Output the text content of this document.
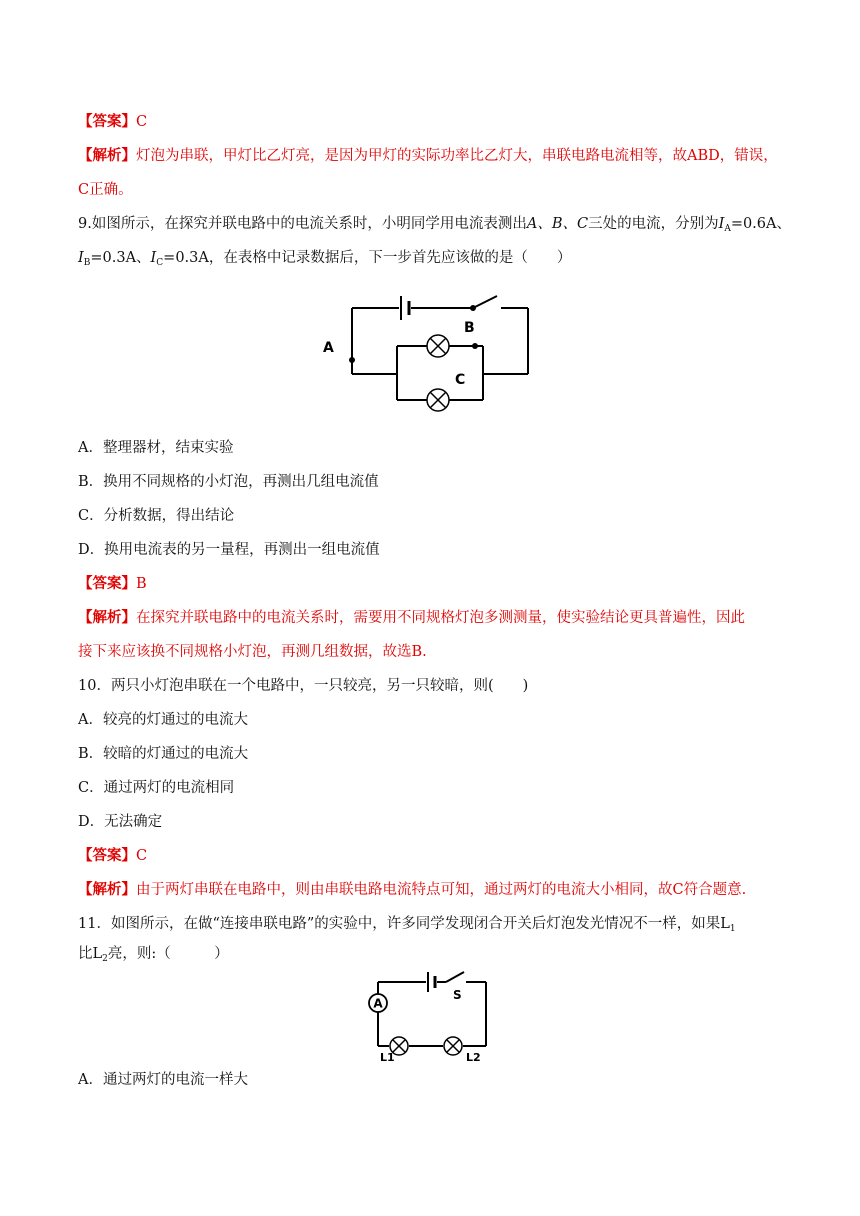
【答案】C
【解析】灯泡为串联，甲灯比乙灯亮，是因为甲灯的实际功率比乙灯大，串联电路电流相等，故ABD，错误，
C正确。
9.如图所示，在探究并联电路中的电流关系时，小明同学用电流表测出A、B、C三处的电流，分别为$I_A=0.6A$、
$I_B=0.3A$、$I_C=0.3A$，在表格中记录数据后，下一步首先应该做的是（　　）
A
B
C
A．整理器材，结束实验
B．换用不同规格的小灯泡，再测出几组电流值
C．分析数据，得出结论
D．换用电流表的另一量程，再测出一组电流值
【答案】B
【解析】在探究并联电路中的电流关系时，需要用不同规格灯泡多测测量，使实验结论更具普遍性，因此
接下来应该换不同规格小灯泡，再测几组数据，故选B.
10．两只小灯泡串联在一个电路中，一只较亮，另一只较暗，则(　　)
A．较亮的灯通过的电流大
B．较暗的灯通过的电流大
C．通过两灯的电流相同
D．无法确定
【答案】C
【解析】由于两灯串联在电路中，则由串联电路电流特点可知，通过两灯的电流大小相同，故C符合题意.
11．如图所示，在做“连接串联电路”的实验中，许多同学发现闭合开关后灯泡发光情况不一样，如果$L_1$
比$L_2$亮，则:（　　　）
A
S
L1	L2
A．通过两灯的电流一样大
